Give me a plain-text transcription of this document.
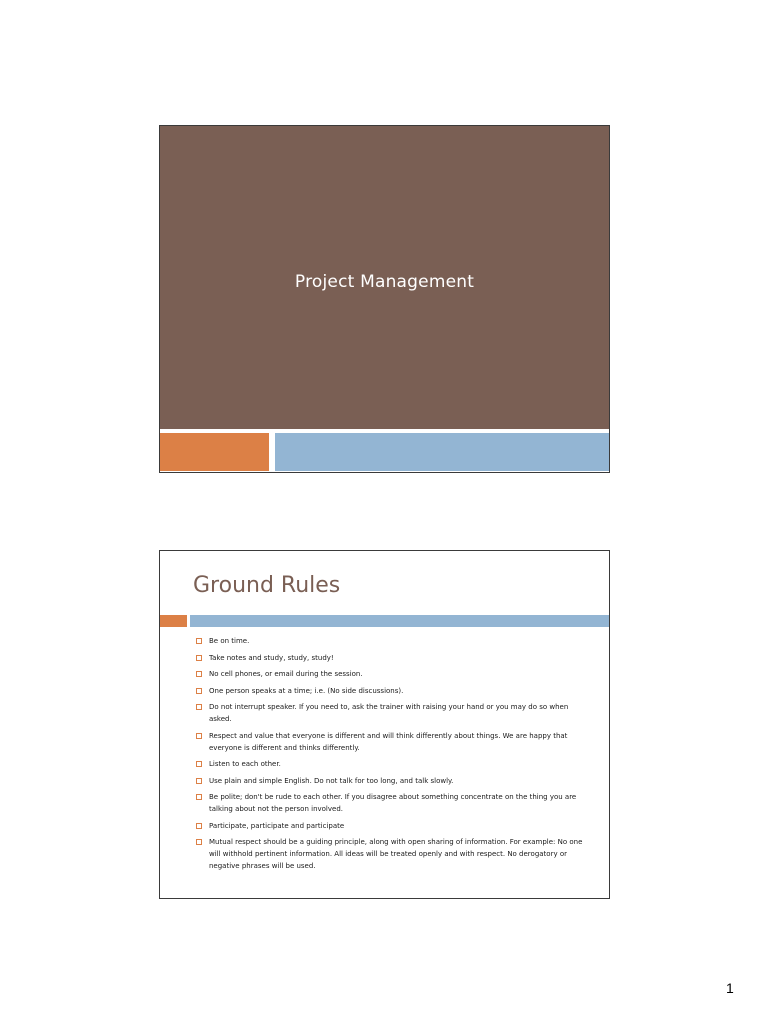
Project Management
Ground Rules
Be on time.
Take notes and study, study, study!
No cell phones, or email during the session.
One person speaks at a time; i.e. (No side discussions).
Do not interrupt speaker. If you need to, ask the trainer with raising your hand or you may do so when asked.
Respect and value that everyone is different and will think differently about things. We are happy that everyone is different and thinks differently.
Listen to each other.
Use plain and simple English. Do not talk for too long, and talk slowly.
Be polite; don't be rude to each other. If you disagree about something concentrate on the thing you are talking about not the person involved.
Participate, participate and participate
Mutual respect should be a guiding principle, along with open sharing of information. For example: No one will withhold pertinent information. All ideas will be treated openly and with respect. No derogatory or negative phrases will be used.
1
